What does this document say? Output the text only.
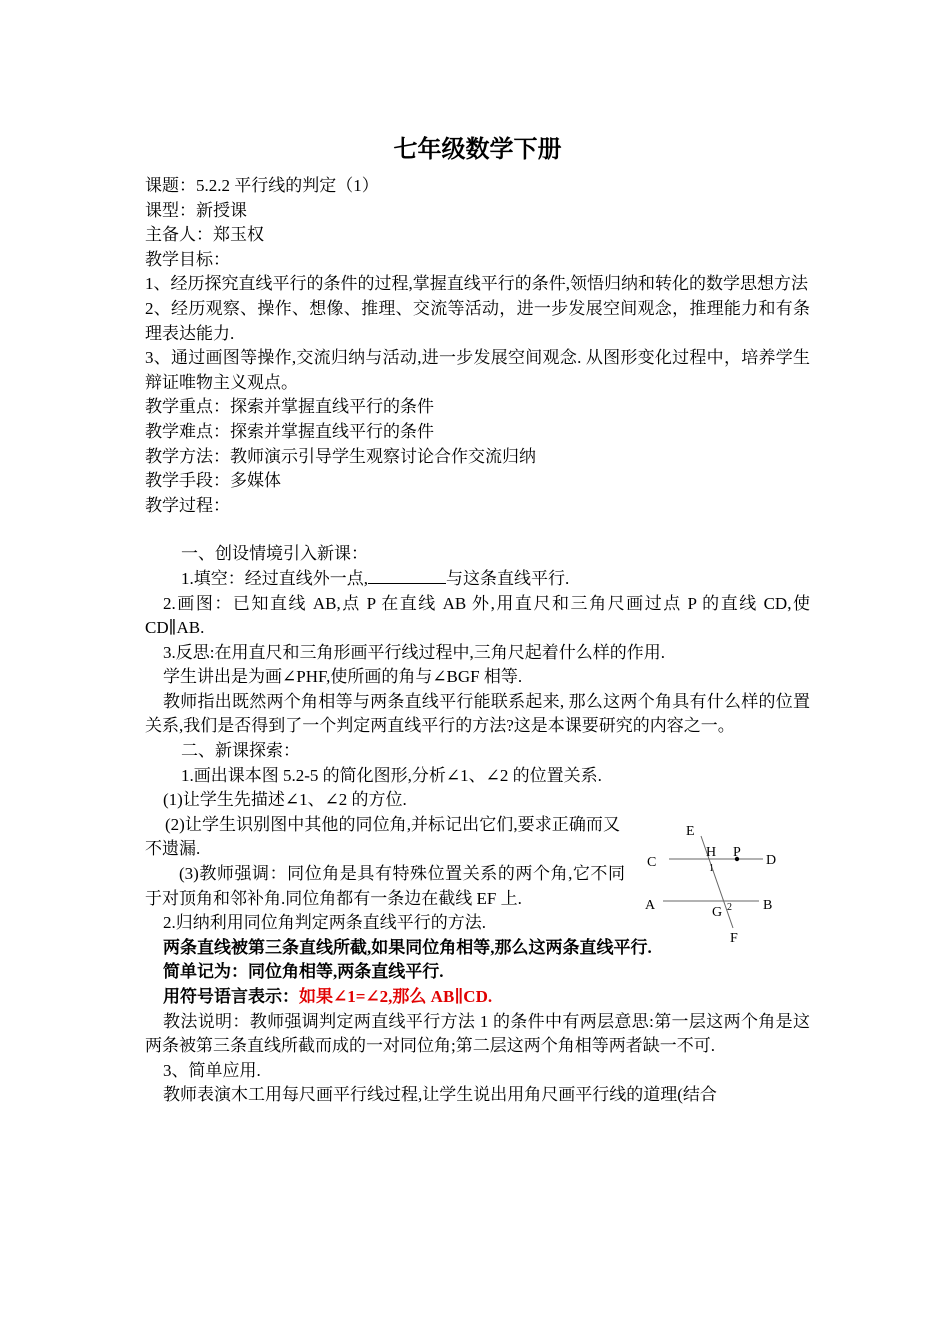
七年级数学下册
课题：5.2.2 平行线的判定（1）
课型：新授课
主备人：郑玉权
教学目标：
1、经历探究直线平行的条件的过程,掌握直线平行的条件,领悟归纳和转化的数学思想方法
2、经历观察、操作、想像、推理、交流等活动，进一步发展空间观念，推理能力和有条理表达能力.
3、通过画图等操作,交流归纳与活动,进一步发展空间观念. 从图形变化过程中，培养学生辩证唯物主义观点。
教学重点：探索并掌握直线平行的条件
教学难点：探索并掌握直线平行的条件
教学方法：教师演示引导学生观察讨论合作交流归纳
教学手段：多媒体
教学过程：
一、创设情境引入新课：
1.填空：经过直线外一点,	与这条直线平行.
2.画图：已知直线 AB,点 P 在直线 AB 外,用直尺和三角尺画过点 P 的直线 CD,使 CD∥AB.
3.反思:在用直尺和三角形画平行线过程中,三角尺起着什么样的作用.
学生讲出是为画∠PHF,使所画的角与∠BGF 相等.
教师指出既然两个角相等与两条直线平行能联系起来, 那么这两个角具有什么样的位置关系,我们是否得到了一个判定两直线平行的方法?这是本课要研究的内容之一。
二、新课探索：
1.画出课本图 5.2-5 的简化图形,分析∠1、∠2 的位置关系.
(1)让学生先描述∠1、∠2 的方位.
(2)让学生识别图中其他的同位角,并标记出它们,要求正确而又不遗漏.
(3)教师强调：同位角是具有特殊位置关系的两个角,它不同于对顶角和邻补角.同位角都有一条边在截线 EF 上.
2.归纳利用同位角判定两条直线平行的方法.
两条直线被第三条直线所截,如果同位角相等,那么这两条直线平行.
简单记为：同位角相等,两条直线平行.
用符号语言表示：如果∠1=∠2,那么 AB∥CD.
教法说明：教师强调判定两直线平行方法 1 的条件中有两层意思:第一层这两个角是这两条被第三条直线所截而成的一对同位角;第二层这两个角相等两者缺一不可.
3、简单应用.
教师表演木工用每尺画平行线过程,让学生说出用角尺画平行线的道理(结合
E
H P
C	D
1
A	B
G 2
F
